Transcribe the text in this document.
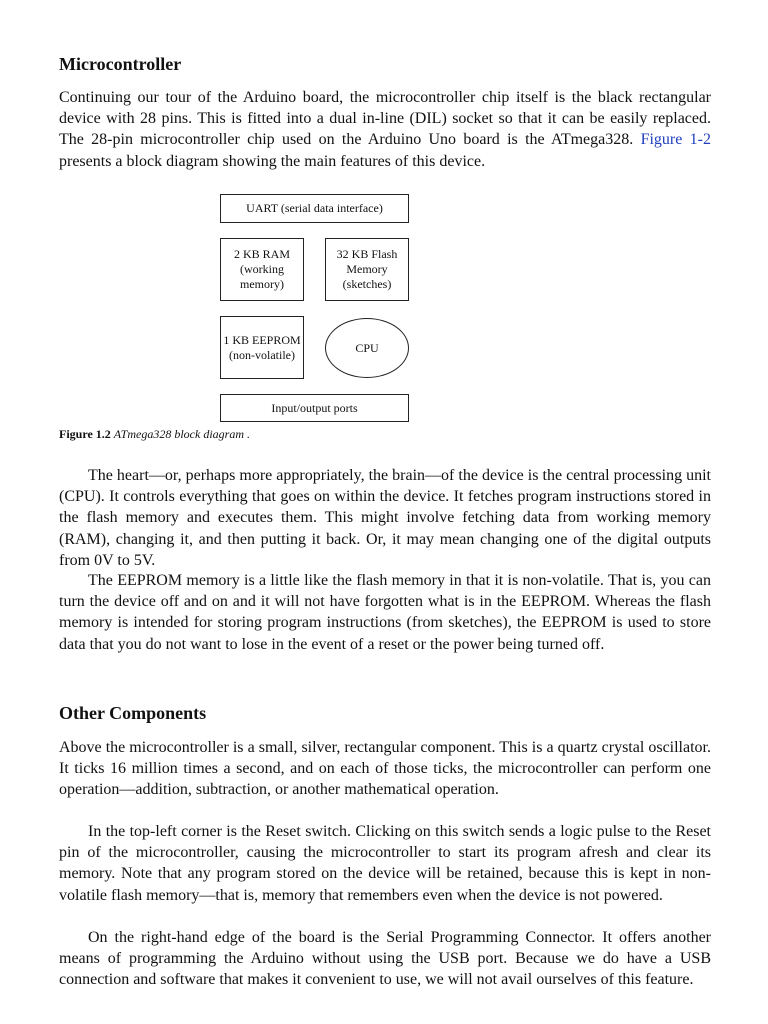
Microcontroller

Continuing our tour of the Arduino board, the microcontroller chip itself is the black rectangular device with 28 pins. This is fitted into a dual in-line (DIL) socket so that it can be easily replaced. The 28-pin microcontroller chip used on the Arduino Uno board is the ATmega328. Figure 1-2 presents a block diagram showing the main features of this device.

UART (serial data interface)
2 KB RAM (working memory)
32 KB Flash Memory (sketches)
1 KB EEPROM (non-volatile)	CPU
Input/output ports
Figure 1.2 ATmega328 block diagram .

The heart—or, perhaps more appropriately, the brain—of the device is the central processing unit (CPU). It controls everything that goes on within the device. It fetches program instructions stored in the flash memory and executes them. This might involve fetching data from working memory (RAM), changing it, and then putting it back. Or, it may mean changing one of the digital outputs from 0V to 5V.

The EEPROM memory is a little like the flash memory in that it is non-volatile. That is, you can turn the device off and on and it will not have forgotten what is in the EEPROM. Whereas the flash memory is intended for storing program instructions (from sketches), the EEPROM is used to store data that you do not want to lose in the event of a reset or the power being turned off.

Other Components

Above the microcontroller is a small, silver, rectangular component. This is a quartz crystal oscillator. It ticks 16 million times a second, and on each of those ticks, the microcontroller can perform one operation—addition, subtraction, or another mathematical operation.

In the top-left corner is the Reset switch. Clicking on this switch sends a logic pulse to the Reset pin of the microcontroller, causing the microcontroller to start its program afresh and clear its memory. Note that any program stored on the device will be retained, because this is kept in non-volatile flash memory—that is, memory that remembers even when the device is not powered.

On the right-hand edge of the board is the Serial Programming Connector. It offers another means of programming the Arduino without using the USB port. Because we do have a USB connection and software that makes it convenient to use, we will not avail ourselves of this feature.
